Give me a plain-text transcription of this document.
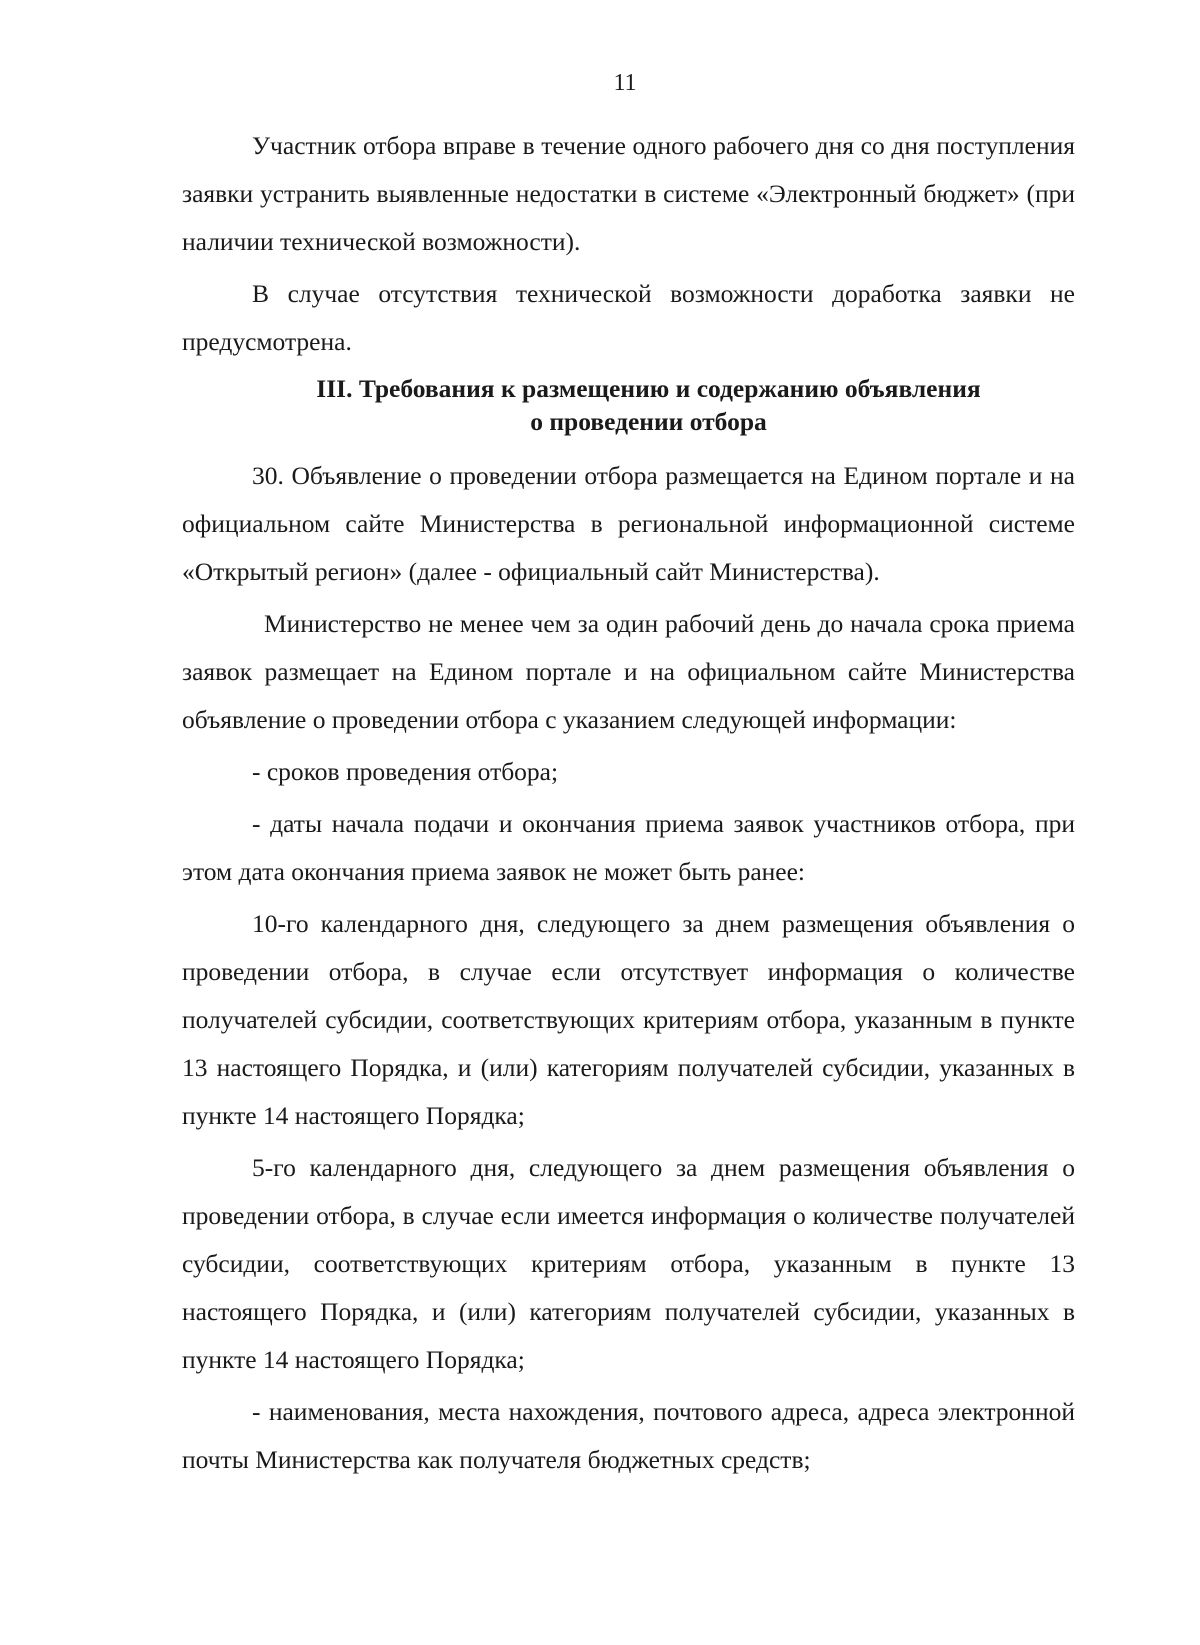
11

Участник отбора вправе в течение одного рабочего дня со дня поступления заявки устранить выявленные недостатки в системе «Электронный бюджет» (при наличии технической возможности).

В случае отсутствия технической возможности доработка заявки не предусмотрена.

III. Требования к размещению и содержанию объявления
о проведении отбора

30. Объявление о проведении отбора размещается на Едином портале и на официальном сайте Министерства в региональной информационной системе «Открытый регион» (далее - официальный сайт Министерства).

Министерство не менее чем за один рабочий день до начала срока приема заявок размещает на Едином портале и на официальном сайте Министерства объявление о проведении отбора с указанием следующей информации:

- сроков проведения отбора;

- даты начала подачи и окончания приема заявок участников отбора, при этом дата окончания приема заявок не может быть ранее:

10-го календарного дня, следующего за днем размещения объявления о проведении отбора, в случае если отсутствует информация о количестве получателей субсидии, соответствующих критериям отбора, указанным в пункте 13 настоящего Порядка, и (или) категориям получателей субсидии, указанных в пункте 14 настоящего Порядка;

5-го календарного дня, следующего за днем размещения объявления о проведении отбора, в случае если имеется информация о количестве получателей субсидии, соответствующих критериям отбора, указанным в пункте 13 настоящего Порядка, и (или) категориям получателей субсидии, указанных в пункте 14 настоящего Порядка;

- наименования, места нахождения, почтового адреса, адреса электронной почты Министерства как получателя бюджетных средств;
